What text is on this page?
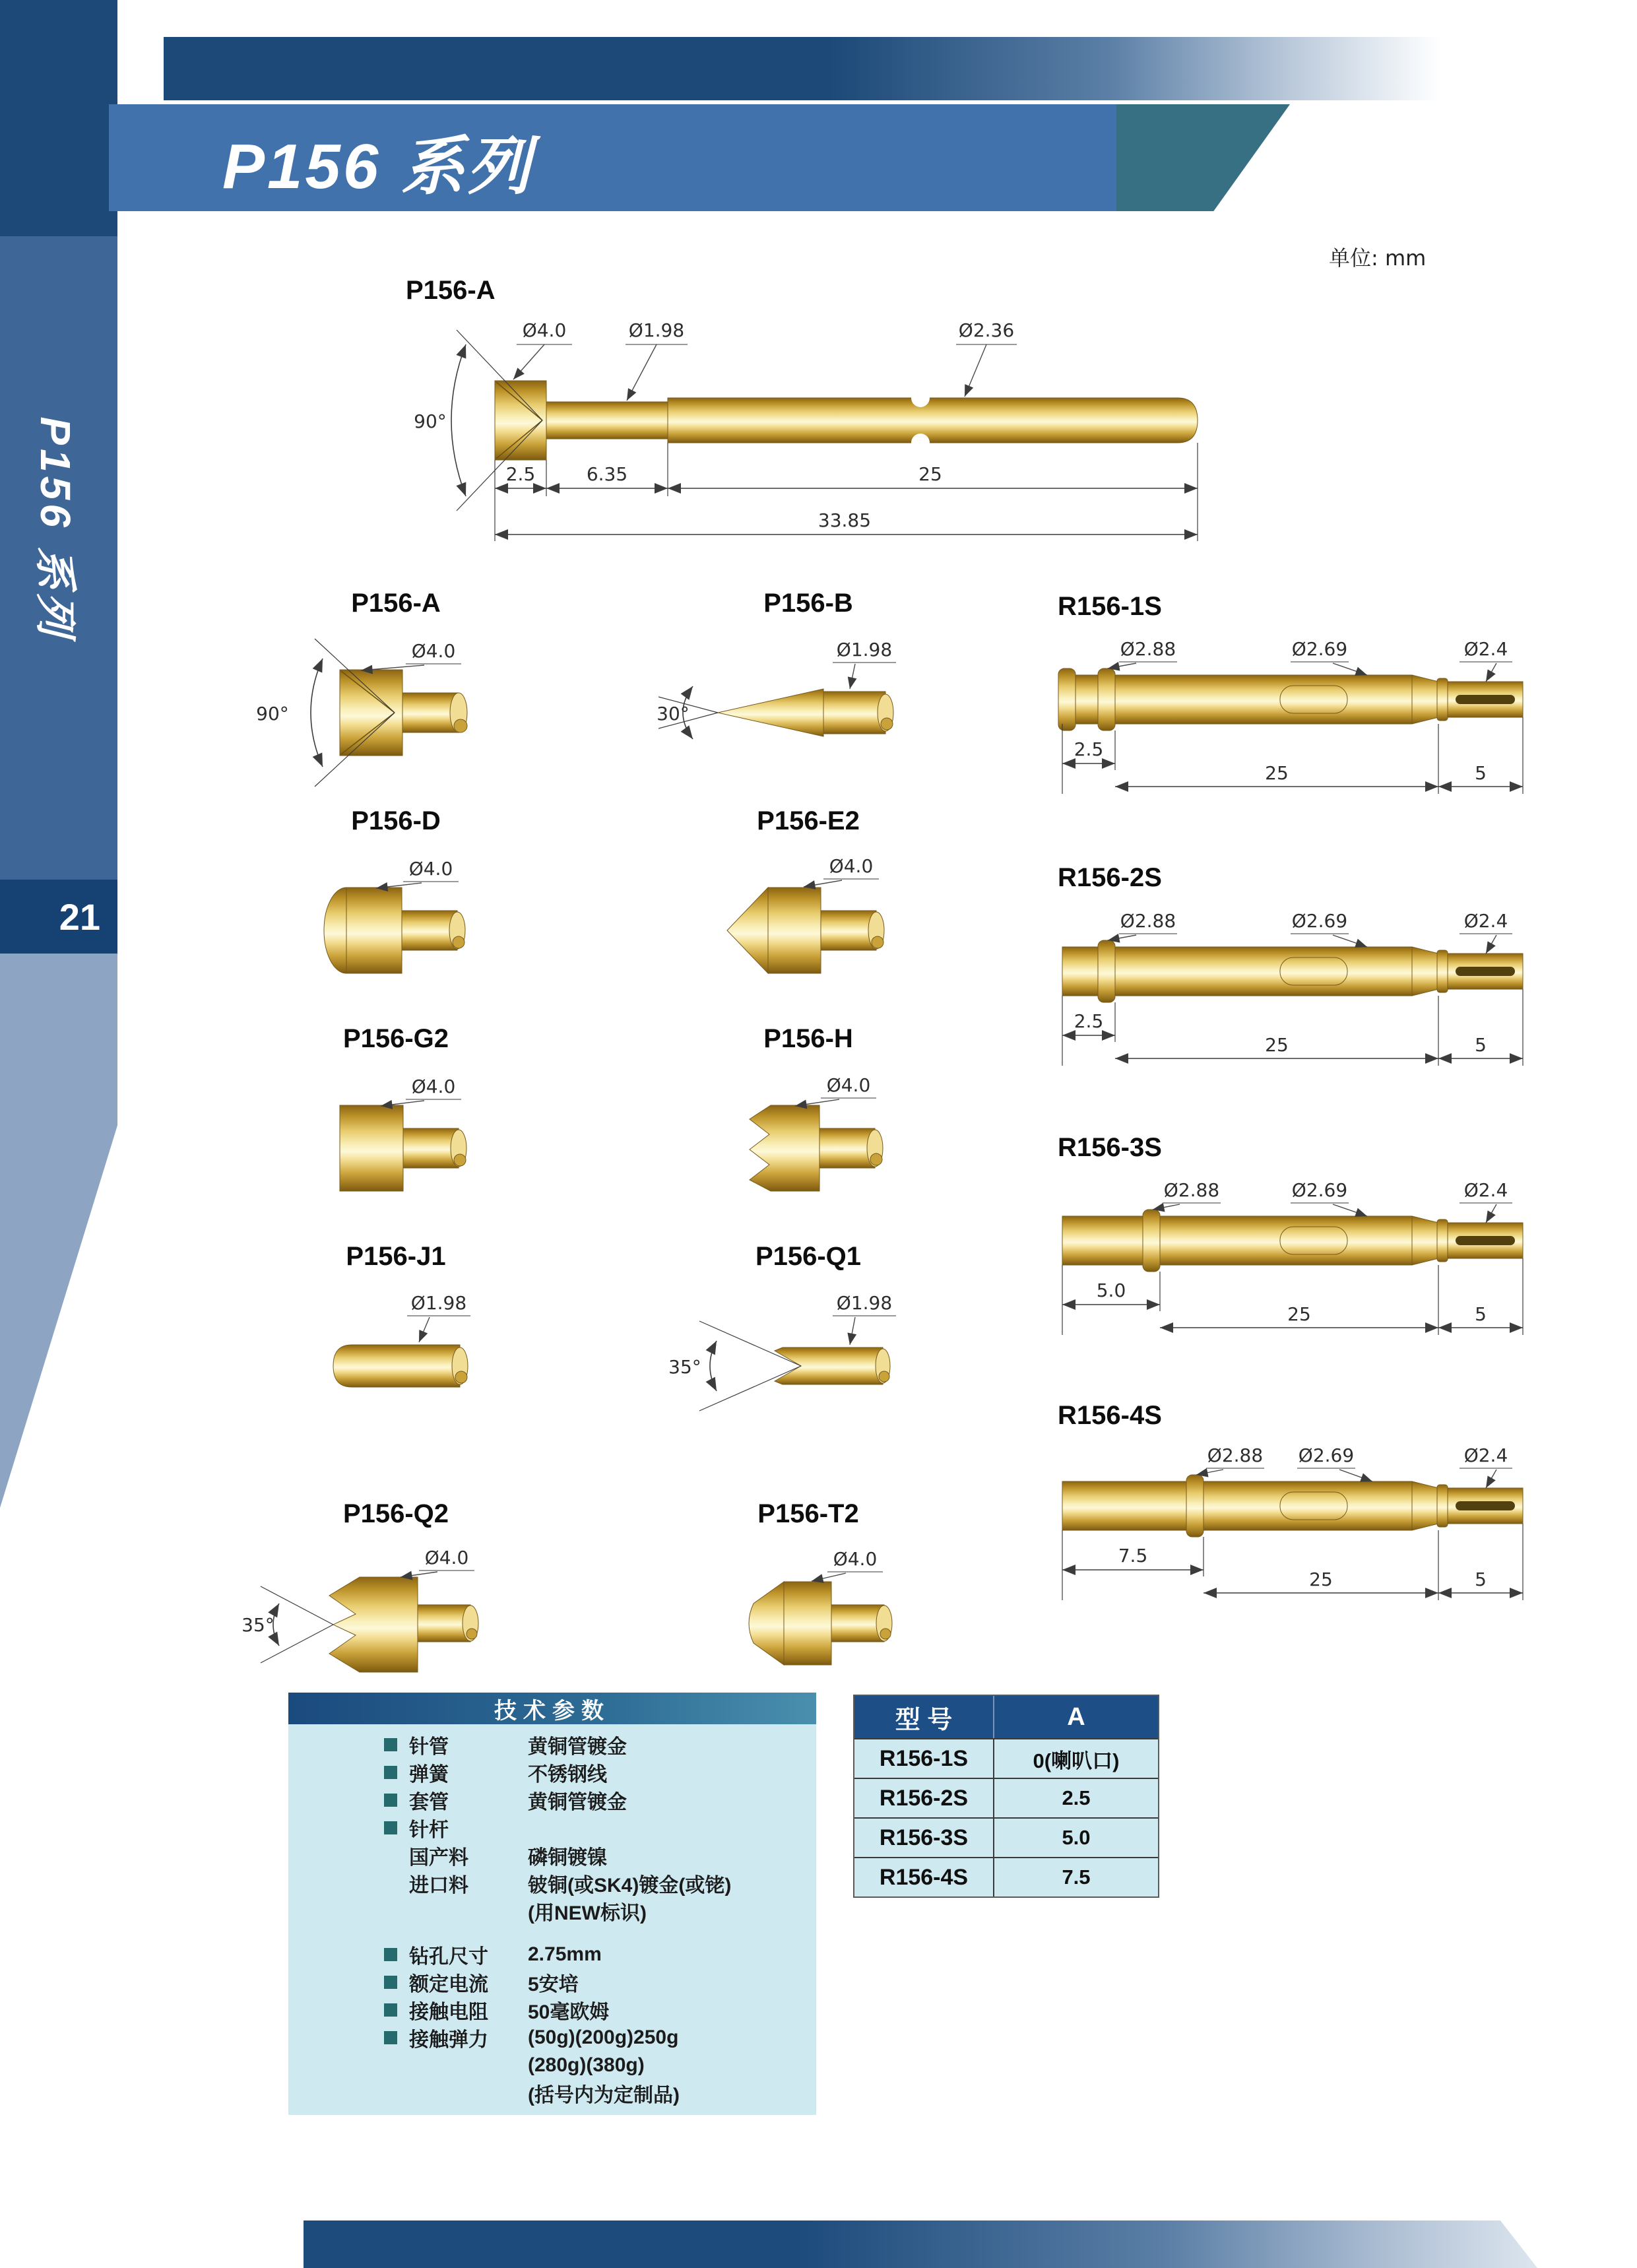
P156 系列
P156 系列
21
单位: mm
P156-A
90°
Ø4.0	Ø1.98	Ø2.36
2.5	6.35	25
33.85
P156-A
90°
Ø4.0
P156-D
Ø4.0
P156-G2
Ø4.0
P156-J1
Ø1.98
P156-Q2
35°
Ø4.0
P156-B
30°
Ø1.98
P156-E2
Ø4.0
P156-H
Ø4.0
P156-Q1
35°
Ø1.98
P156-T2
Ø4.0
R156-1S
Ø2.88	Ø2.69	Ø2.4
2.5
25	5
R156-2S
Ø2.88	Ø2.69	Ø2.4
2.5
25	5
R156-3S
Ø2.88	Ø2.69	Ø2.4
5.0
25	5
R156-4S
Ø2.88 Ø2.69	Ø2.4
7.5
25	5
技术参数
针管	黄铜管镀金
弹簧	不锈钢线
套管	黄铜管镀金
针杆
国产料	磷铜镀镍
进口料	铍铜(或SK4)镀金(或铑)
(用NEW标识)
钻孔尺寸	2.75mm
额定电流	5安培
接触电阻	50毫欧姆
接触弹力	(50g)(200g)250g
(280g)(380g)
(括号内为定制品)
型 号	A
R156-1S	0(喇叭口)
R156-2S	2.5
R156-3S	5.0
R156-4S	7.5
